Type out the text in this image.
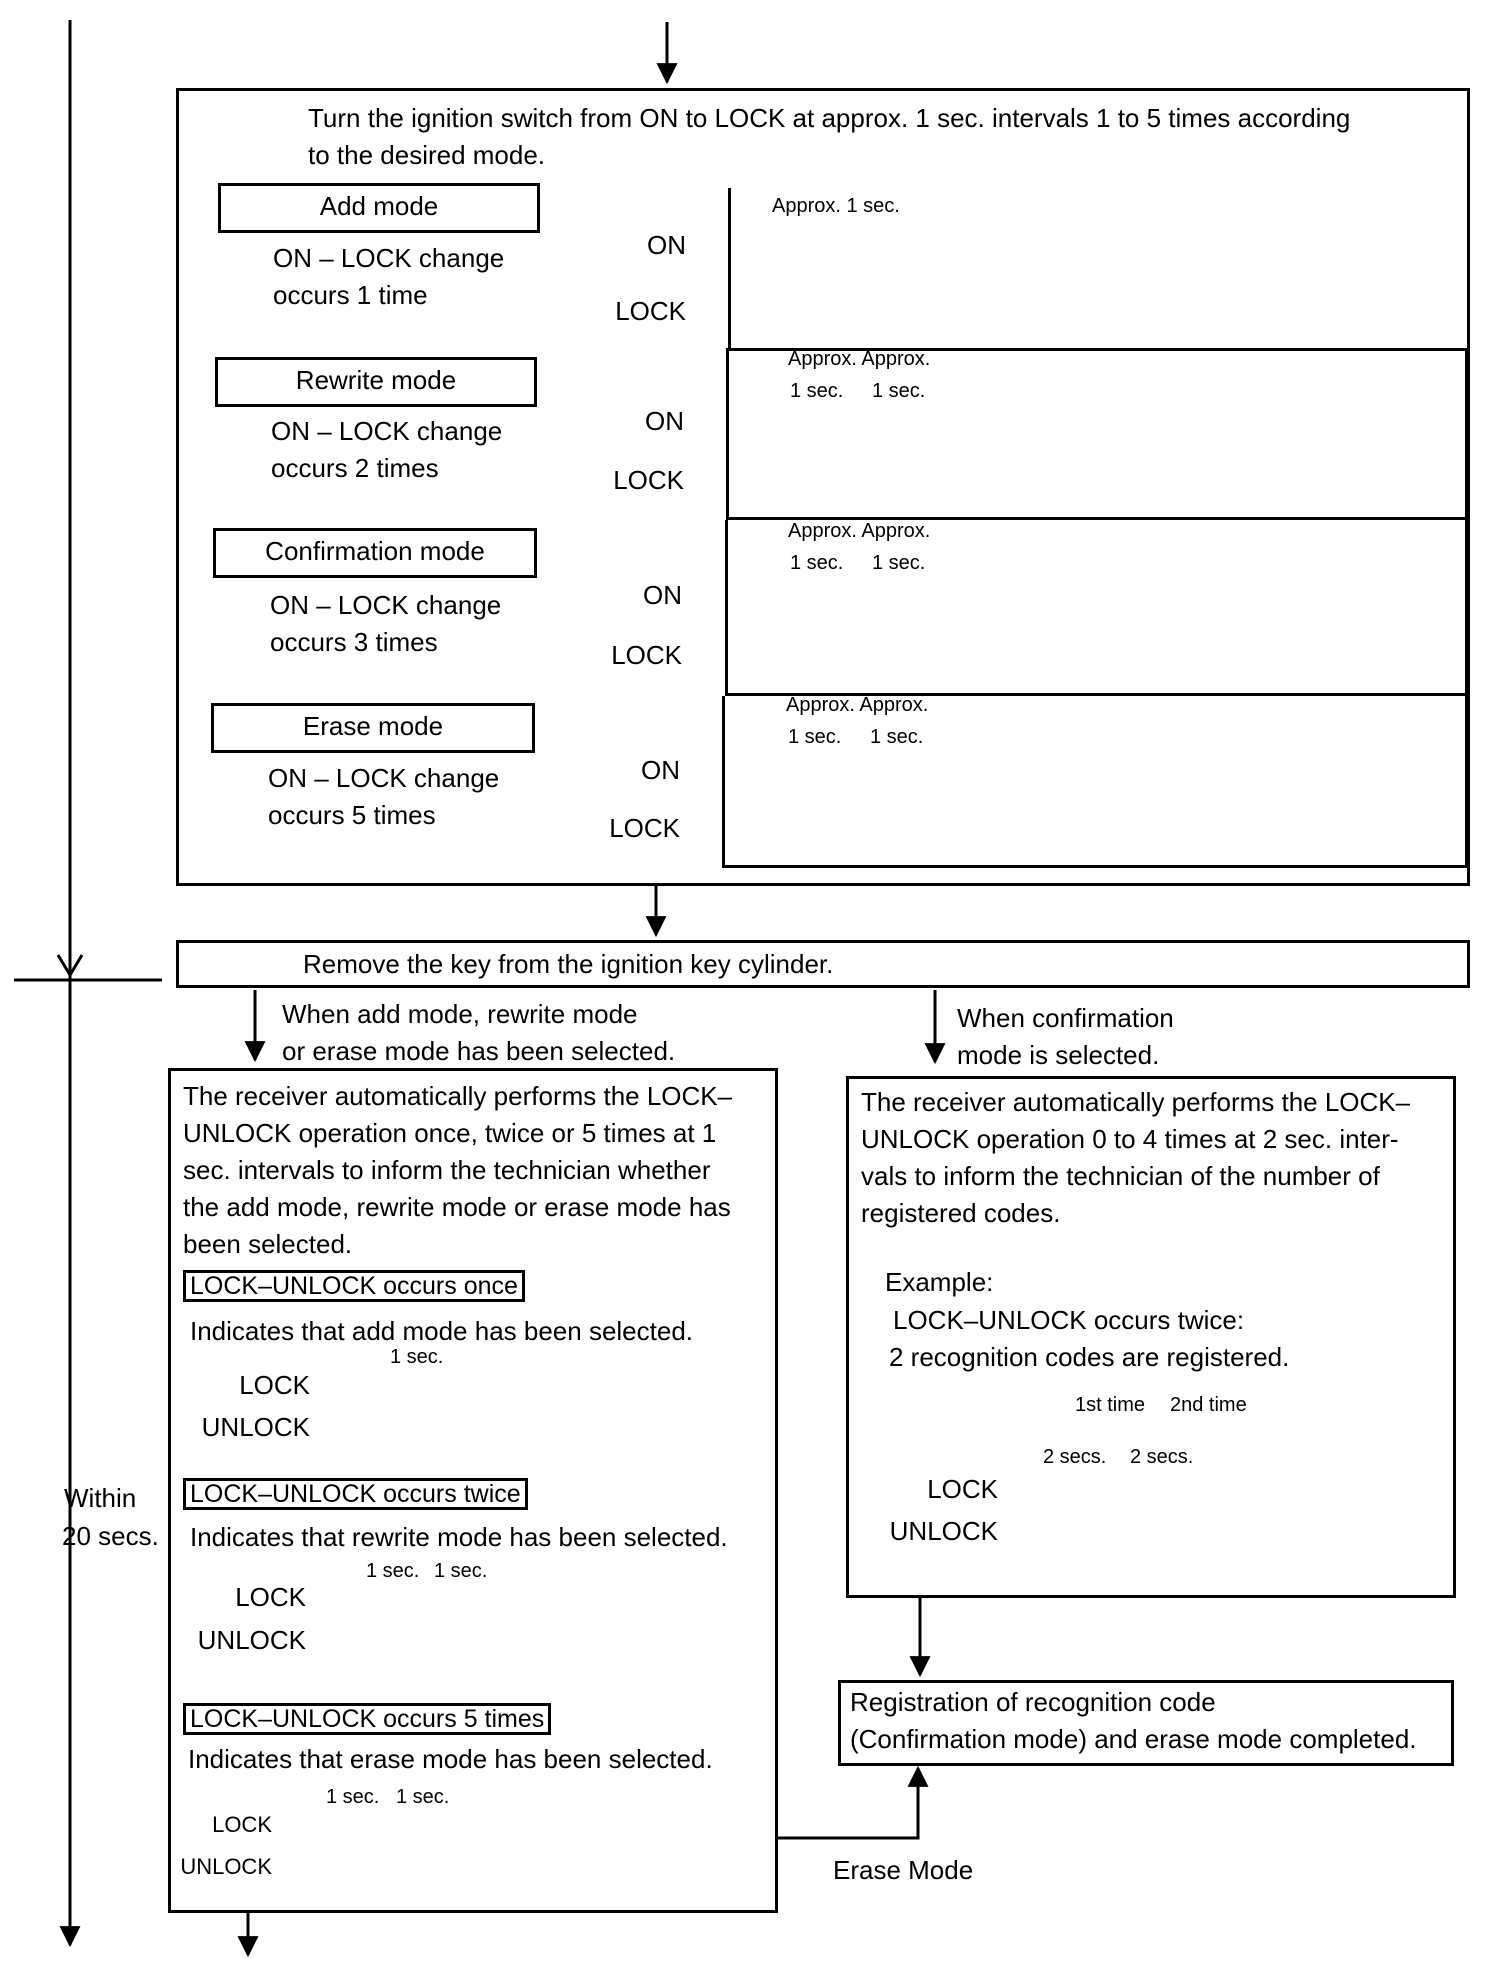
Turn the ignition switch from ON to LOCK at approx. 1 sec. intervals 1 to 5 times according
to the desired mode.
Add mode
ON – LOCK change
occurs 1 time
Rewrite mode
ON – LOCK change
occurs 2 times
Confirmation mode
ON – LOCK change
occurs 3 times
Erase mode
ON – LOCK change
occurs 5 times
ON
LOCK
ON
LOCK
ON
LOCK
ON
LOCK
Approx. 1 sec.
Approx. Approx.
1 sec. 1 sec.
Approx. Approx.
1 sec. 1 sec.
Approx. Approx.
1 sec. 1 sec.
Remove the key from the ignition key cylinder.
When add mode, rewrite mode
or erase mode has been selected.
When confirmation
mode is selected.
The receiver automatically performs the LOCK–
UNLOCK operation once, twice or 5 times at 1
sec. intervals to inform the technician whether
the add mode, rewrite mode or erase mode has
been selected.
LOCK–UNLOCK occurs once
Indicates that add mode has been selected.
LOCK
UNLOCK
1 sec.
LOCK–UNLOCK occurs twice
Indicates that rewrite mode has been selected.
LOCK
UNLOCK
1 sec. 1 sec.
LOCK–UNLOCK occurs 5 times
Indicates that erase mode has been selected.
LOCK
UNLOCK
1 sec. 1 sec.
The receiver automatically performs the LOCK–
UNLOCK operation 0 to 4 times at 2 sec. inter-
vals to inform the technician of the number of
registered codes.
Example:
LOCK–UNLOCK occurs twice:
2 recognition codes are registered.
1st time 2nd time
2 secs. 2 secs.
LOCK
UNLOCK
Registration of recognition code
(Confirmation mode) and erase mode completed.
Erase Mode
Within
20 secs.
